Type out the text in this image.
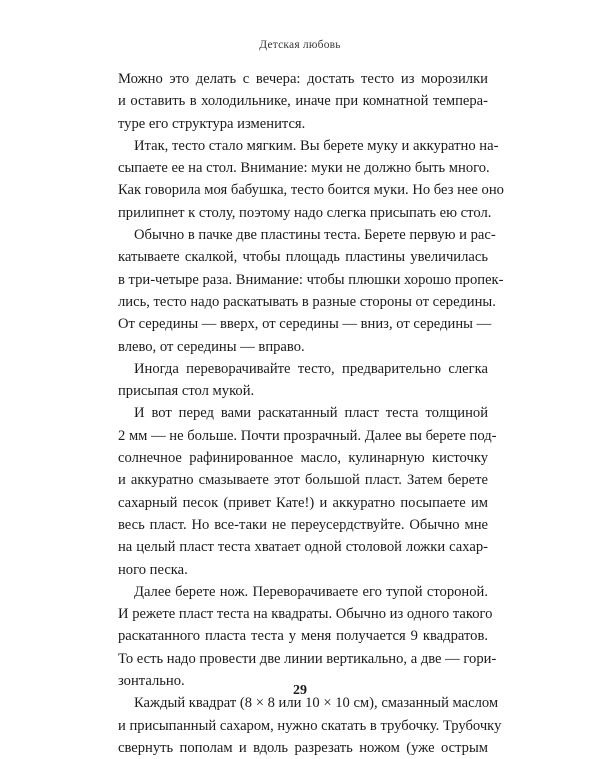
Детская любовь
Можно это делать с вечера: достать тесто из морозилки
и оставить в холодильнике, иначе при комнатной темпера-
туре его структура изменится.
Итак, тесто стало мягким. Вы берете муку и аккуратно на-
сыпаете ее на стол. Внимание: муки не должно быть много.
Как говорила моя бабушка, тесто боится муки. Но без нее оно
прилипнет к столу, поэтому надо слегка присыпать ею стол.
Обычно в пачке две пластины теста. Берете первую и рас-
катываете скалкой, чтобы площадь пластины увеличилась
в три-четыре раза. Внимание: чтобы плюшки хорошо пропек-
лись, тесто надо раскатывать в разные стороны от середины.
От середины — вверх, от середины — вниз, от середины —
влево, от середины — вправо.
Иногда переворачивайте тесто, предварительно слегка
присыпая стол мукой.
И вот перед вами раскатанный пласт теста толщиной
2 мм — не больше. Почти прозрачный. Далее вы берете под-
солнечное рафинированное масло, кулинарную кисточку
и аккуратно смазываете этот большой пласт. Затем берете
сахарный песок (привет Кате!) и аккуратно посыпаете им
весь пласт. Но все-таки не переусердствуйте. Обычно мне
на целый пласт теста хватает одной столовой ложки сахар-
ного песка.
Далее берете нож. Переворачиваете его тупой стороной.
И режете пласт теста на квадраты. Обычно из одного такого
раскатанного пласта теста у меня получается 9 квадратов.
То есть надо провести две линии вертикально, а две — гори-
зонтально.
Каждый квадрат (8 × 8 или 10 × 10 см), смазанный маслом
и присыпанный сахаром, нужно скатать в трубочку. Трубочку
свернуть пополам и вдоль разрезать ножом (уже острым
29
